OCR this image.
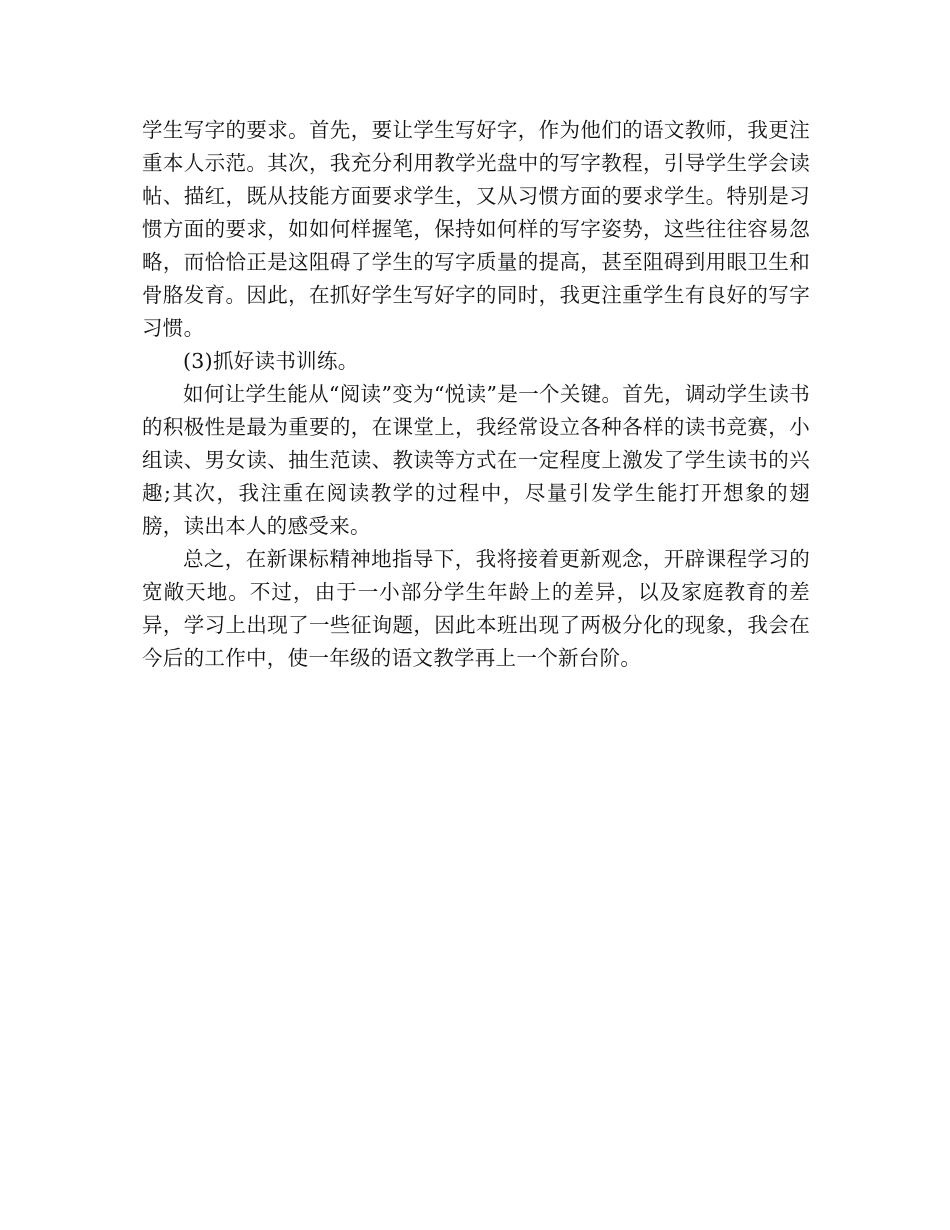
学生写字的要求。首先，要让学生写好字，作为他们的语文教师，我更注重本人示范。其次，我充分利用教学光盘中的写字教程，引导学生学会读帖、描红，既从技能方面要求学生，又从习惯方面的要求学生。特别是习惯方面的要求，如如何样握笔，保持如何样的写字姿势，这些往往容易忽略，而恰恰正是这阻碍了学生的写字质量的提高，甚至阻碍到用眼卫生和骨胳发育。因此，在抓好学生写好字的同时，我更注重学生有良好的写字习惯。

(3)抓好读书训练。

如何让学生能从“阅读”变为“悦读”是一个关键。首先，调动学生读书的积极性是最为重要的，在课堂上，我经常设立各种各样的读书竞赛，小组读、男女读、抽生范读、教读等方式在一定程度上激发了学生读书的兴趣;其次，我注重在阅读教学的过程中，尽量引发学生能打开想象的翅膀，读出本人的感受来。

总之，在新课标精神地指导下，我将接着更新观念，开辟课程学习的宽敞天地。不过，由于一小部分学生年龄上的差异，以及家庭教育的差异，学习上出现了一些征询题，因此本班出现了两极分化的现象，我会在今后的工作中，使一年级的语文教学再上一个新台阶。
